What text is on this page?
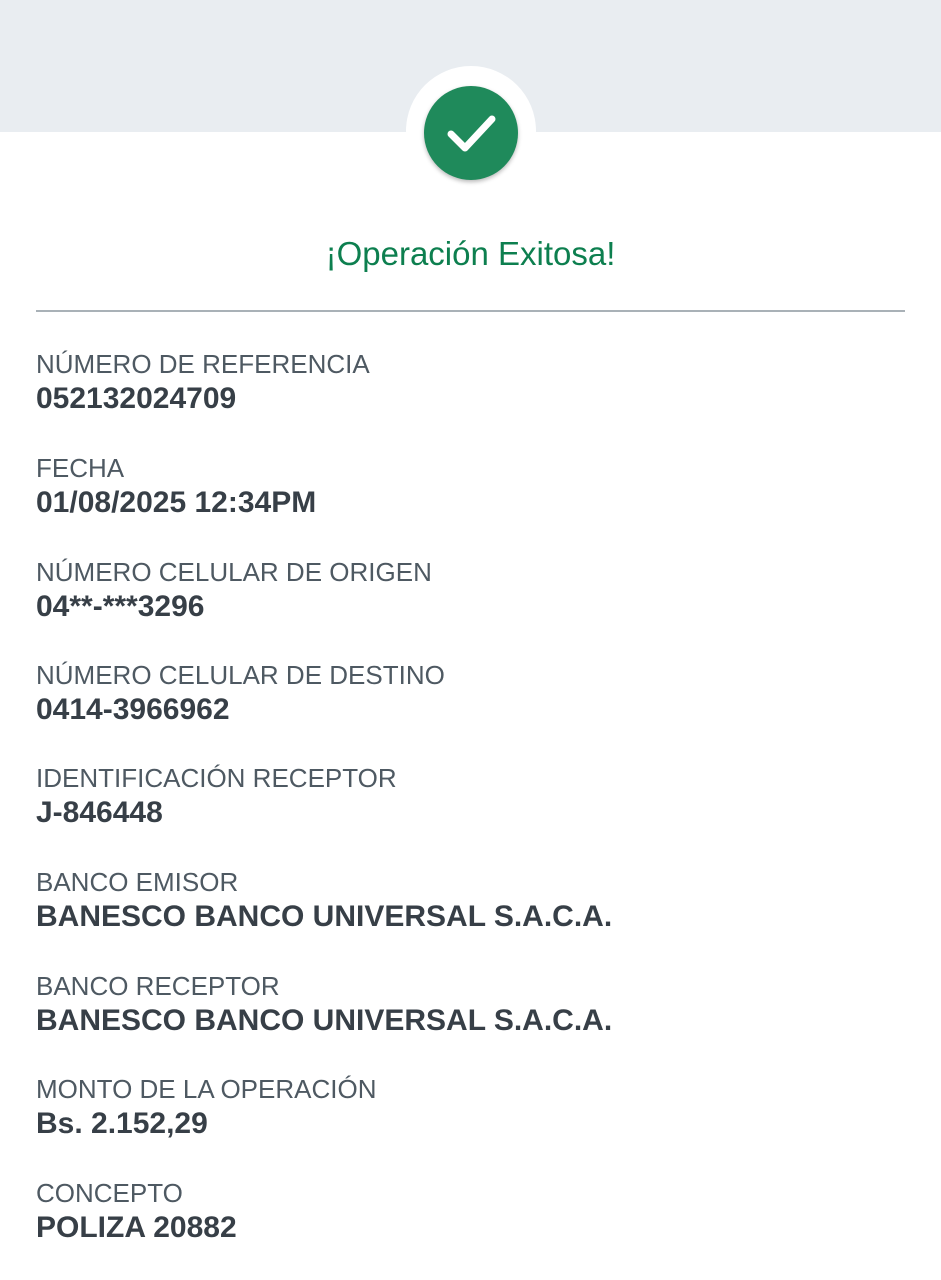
¡Operación Exitosa!
NÚMERO DE REFERENCIA
052132024709
FECHA
01/08/2025 12:34PM
NÚMERO CELULAR DE ORIGEN
04**-***3296
NÚMERO CELULAR DE DESTINO
0414-3966962
IDENTIFICACIÓN RECEPTOR
J-846448
BANCO EMISOR
BANESCO BANCO UNIVERSAL S.A.C.A.
BANCO RECEPTOR
BANESCO BANCO UNIVERSAL S.A.C.A.
MONTO DE LA OPERACIÓN
Bs. 2.152,29
CONCEPTO
POLIZA 20882
